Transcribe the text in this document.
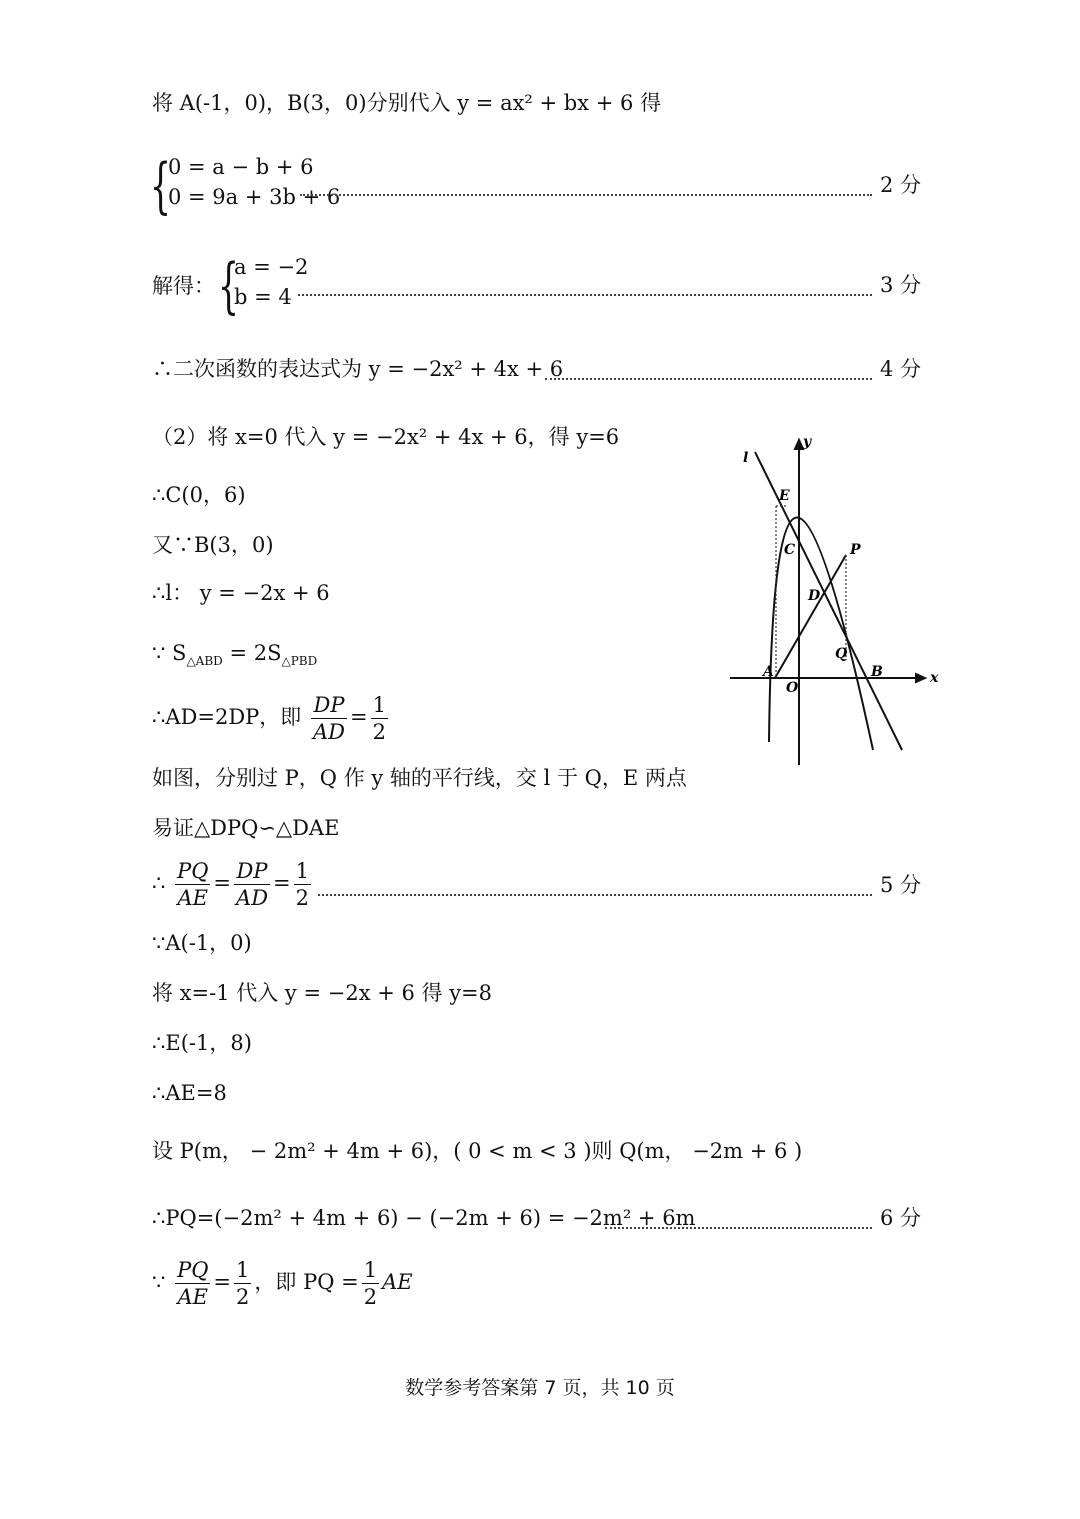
将 A(-1，0)，B(3，0)分别代入 y = ax² + bx + 6 得
{
0 = a − b + 6
0 = 9a + 3b + 6	2 分
解得： {
a = −2
b = 4	3 分
∴二次函数的表达式为 y = −2x² + 4x + 6	4 分
（2）将 x=0 代入 y = −2x² + 4x + 6，得 y=6
∴C(0，6)
又∵B(3，0)
∴l： y = −2x + 6
∵ $S_{\triangle ABD} = 2S_{\triangle PBD}$
∴AD=2DP，即 $\frac{DP}{AD} = \frac{1}{2}$
如图，分别过 P，Q 作 y 轴的平行线，交 l 于 Q，E 两点
易证△DPQ∽△DAE
∴ $\frac{PQ}{AE} = \frac{DP}{AD} = \frac{1}{2}$	5 分
∵A(-1，0)
将 x=-1 代入 y = −2x + 6 得 y=8
∴E(-1，8)
∴AE=8
设 P(m， − 2m² + 4m + 6)，( 0 < m < 3 )则 Q(m， −2m + 6 )
∴PQ=(−2m² + 4m + 6) − (−2m + 6) = −2m² + 6m	6 分
∵ $\frac{PQ}{AE} = \frac{1}{2}$ ，即 PQ = $\frac{1}{2}$ AE
l
y
x
E
C	P
D
Q
A
O
B
数学参考答案第 7 页，共 10 页
